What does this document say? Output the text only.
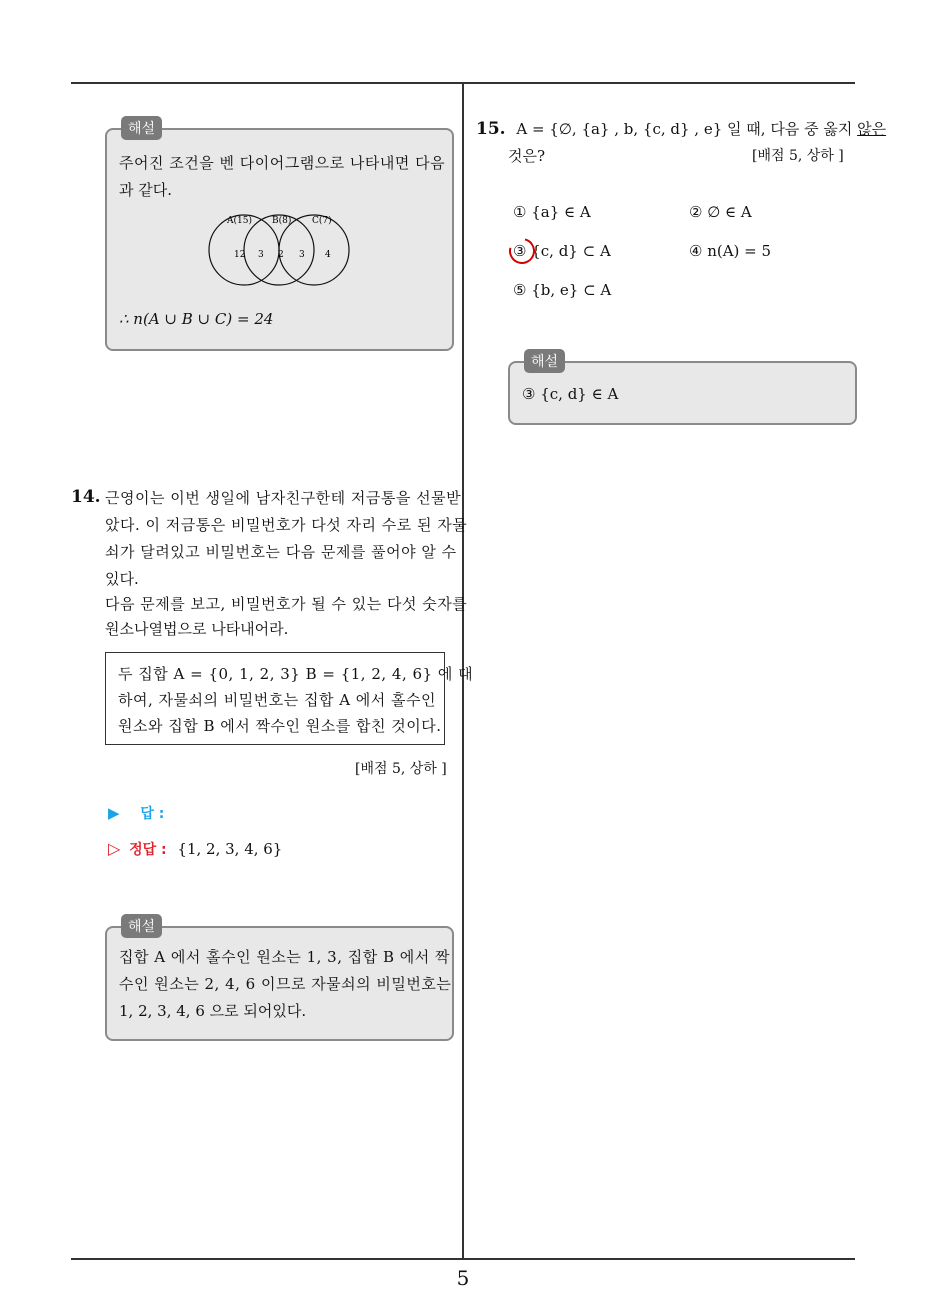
5
해설
주어진 조건을 벤 다이어그램으로 나타내면 다음
과 같다.
A(15) B(8) C(7)
12 3 2 3 4
∴ n(A ∪ B ∪ C) = 24
14. 근영이는 이번 생일에 남자친구한테 저금통을 선물받
았다. 이 저금통은 비밀번호가 다섯 자리 수로 된 자물
쇠가 달려있고 비밀번호는 다음 문제를 풀어야 알 수
있다.
다음 문제를 보고, 비밀번호가 될 수 있는 다섯 숫자를
원소나열법으로 나타내어라.
두 집합 A = {0, 1, 2, 3} B = {1, 2, 4, 6} 에 대
하여, 자물쇠의 비밀번호는 집합 A 에서 홀수인
원소와 집합 B 에서 짝수인 원소를 합친 것이다.
[배점 5, 상하 ]
▶ 답 :
▷ 정답 : {1, 2, 3, 4, 6}
해설
집합 A 에서 홀수인 원소는 1, 3, 집합 B 에서 짝
수인 원소는 2, 4, 6 이므로 자물쇠의 비밀번호는
1, 2, 3, 4, 6 으로 되어있다.
15. A = {∅, {a} , b, {c, d} , e} 일 때, 다음 중 옳지 않은
것은?	[배점 5, 상하 ]
① {a} ∈ A	② ∅ ∈ A
③ {c, d} ⊂ A	④ n(A) = 5
⑤ {b, e} ⊂ A
해설
③ {c, d} ∈ A
